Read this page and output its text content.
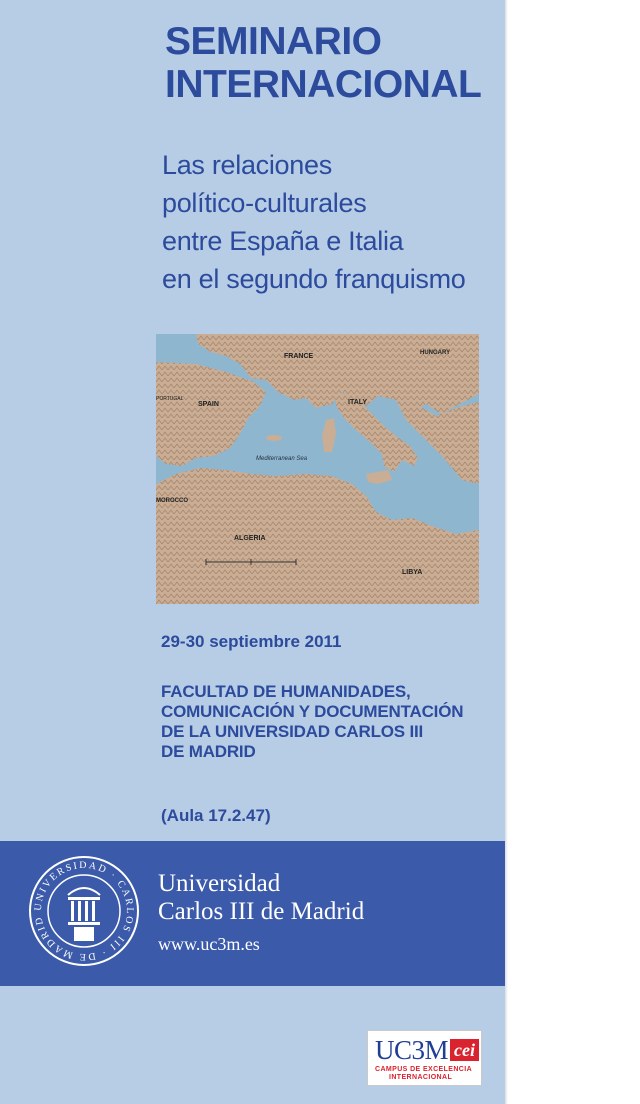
SEMINARIO
INTERNACIONAL
Las relaciones
político-culturales
entre España e Italia
en el segundo franquismo
FRANCE
SPAIN
PORTUGAL	ITALY
HUNGARY
Mediterranean Sea
MOROCCO
ALGERIA
LIBYA
29-30 septiembre 2011
FACULTAD DE HUMANIDADES,
COMUNICACIÓN Y DOCUMENTACIÓN
DE LA UNIVERSIDAD CARLOS III
DE MADRID
(Aula 17.2.47)
UNIVERSIDAD · CARLOS III · DE MADRID
Universidad
Carlos III de Madrid
www.uc3m.es
UC3M cei
CAMPUS DE EXCELENCIA
INTERNACIONAL
